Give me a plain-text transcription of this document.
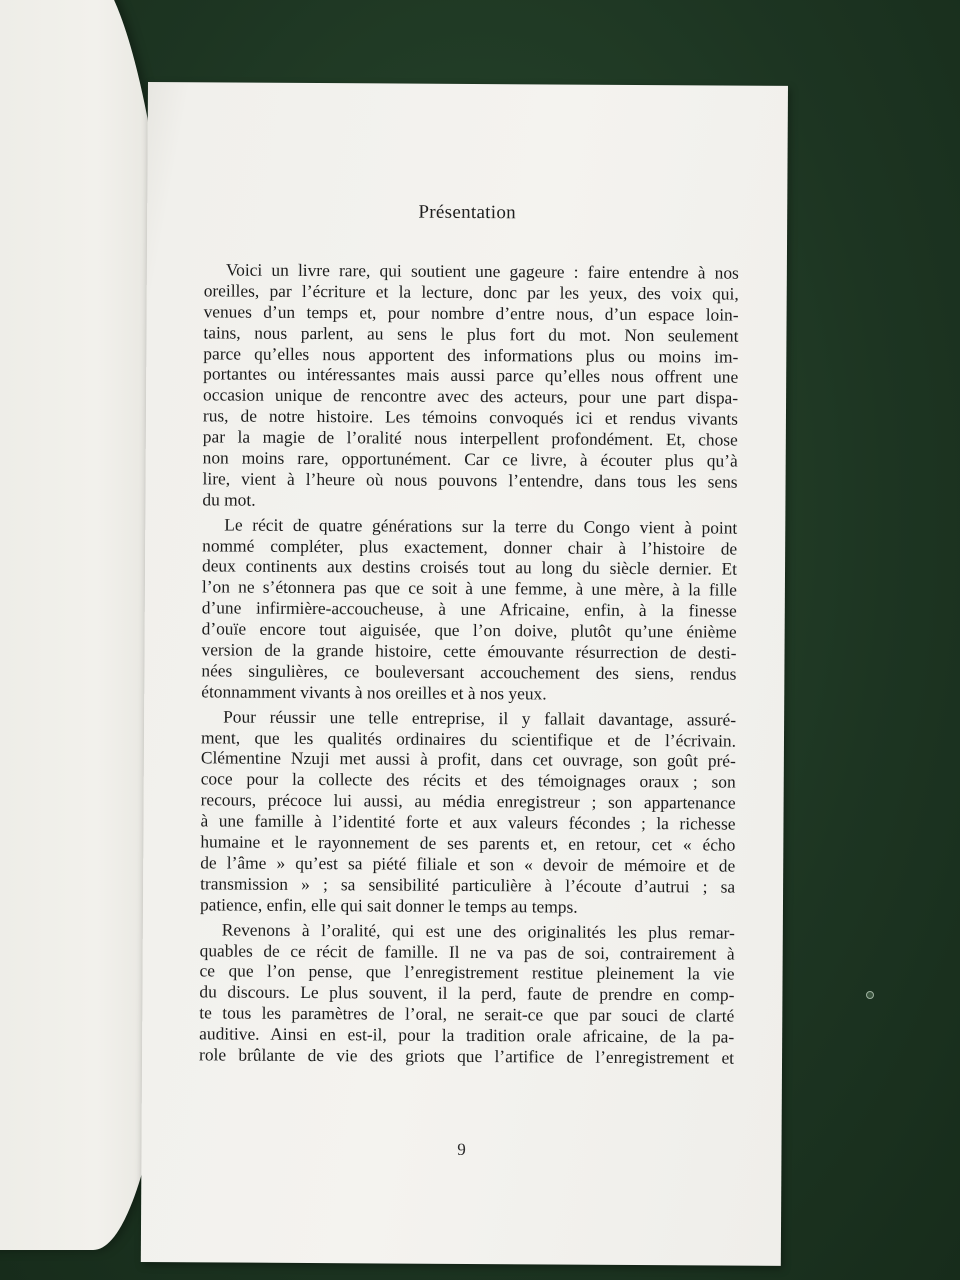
Présentation
Voici un livre rare, qui soutient une gageure : faire entendre à nos
oreilles, par l’écriture et la lecture, donc par les yeux, des voix qui,
venues d’un temps et, pour nombre d’entre nous, d’un espace loin-
tains, nous parlent, au sens le plus fort du mot. Non seulement
parce qu’elles nous apportent des informations plus ou moins im-
portantes ou intéressantes mais aussi parce qu’elles nous offrent une
occasion unique de rencontre avec des acteurs, pour une part dispa-
rus, de notre histoire. Les témoins convoqués ici et rendus vivants
par la magie de l’oralité nous interpellent profondément. Et, chose
non moins rare, opportunément. Car ce livre, à écouter plus qu’à
lire, vient à l’heure où nous pouvons l’entendre, dans tous les sens
du mot.
Le récit de quatre générations sur la terre du Congo vient à point
nommé compléter, plus exactement, donner chair à l’histoire de
deux continents aux destins croisés tout au long du siècle dernier. Et
l’on ne s’étonnera pas que ce soit à une femme, à une mère, à la fille
d’une infirmière-accoucheuse, à une Africaine, enfin, à la finesse
d’ouïe encore tout aiguisée, que l’on doive, plutôt qu’une énième
version de la grande histoire, cette émouvante résurrection de desti-
nées singulières, ce bouleversant accouchement des siens, rendus
étonnamment vivants à nos oreilles et à nos yeux.
Pour réussir une telle entreprise, il y fallait davantage, assuré-
ment, que les qualités ordinaires du scientifique et de l’écrivain.
Clémentine Nzuji met aussi à profit, dans cet ouvrage, son goût pré-
coce pour la collecte des récits et des témoignages oraux ; son
recours, précoce lui aussi, au média enregistreur ; son appartenance
à une famille à l’identité forte et aux valeurs fécondes ; la richesse
humaine et le rayonnement de ses parents et, en retour, cet « écho
de l’âme » qu’est sa piété filiale et son « devoir de mémoire et de
transmission » ; sa sensibilité particulière à l’écoute d’autrui ; sa
patience, enfin, elle qui sait donner le temps au temps.
Revenons à l’oralité, qui est une des originalités les plus remar-
quables de ce récit de famille. Il ne va pas de soi, contrairement à
ce que l’on pense, que l’enregistrement restitue pleinement la vie
du discours. Le plus souvent, il la perd, faute de prendre en comp-
te tous les paramètres de l’oral, ne serait-ce que par souci de clarté
auditive. Ainsi en est-il, pour la tradition orale africaine, de la pa-
role brûlante de vie des griots que l’artifice de l’enregistrement et
9
